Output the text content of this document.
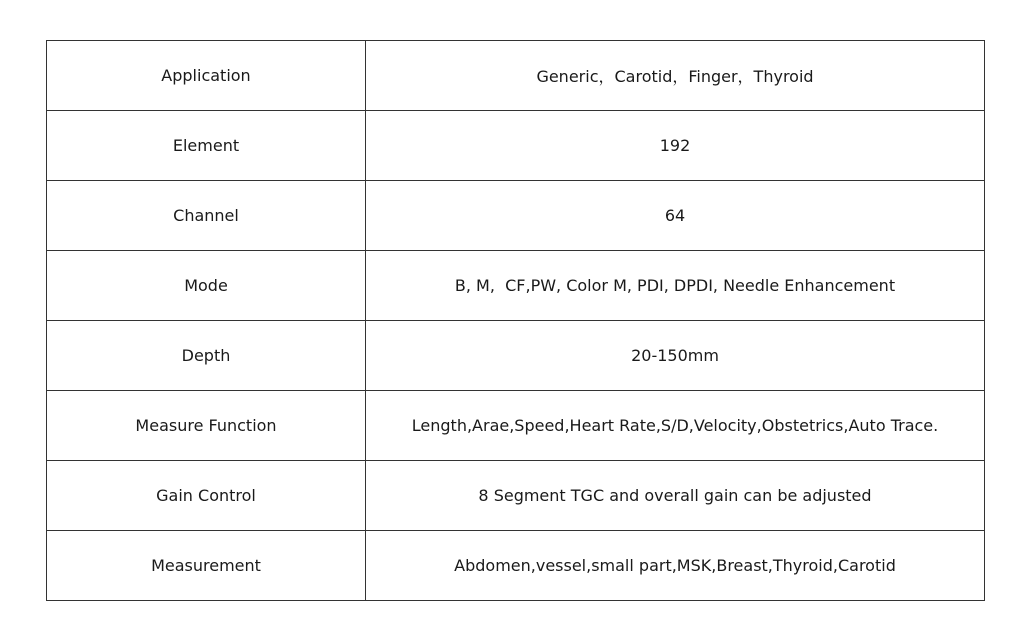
Application	Generic，Carotid，Finger，Thyroid
Element	192
Channel	64
Mode	B, M,  CF,PW, Color M, PDI, DPDI, Needle Enhancement
Depth	20-150mm
Measure Function	Length,Arae,Speed,Heart Rate,S/D,Velocity,Obstetrics,Auto Trace.
Gain Control	8 Segment TGC and overall gain can be adjusted
Measurement	Abdomen,vessel,small part,MSK,Breast,Thyroid,Carotid
